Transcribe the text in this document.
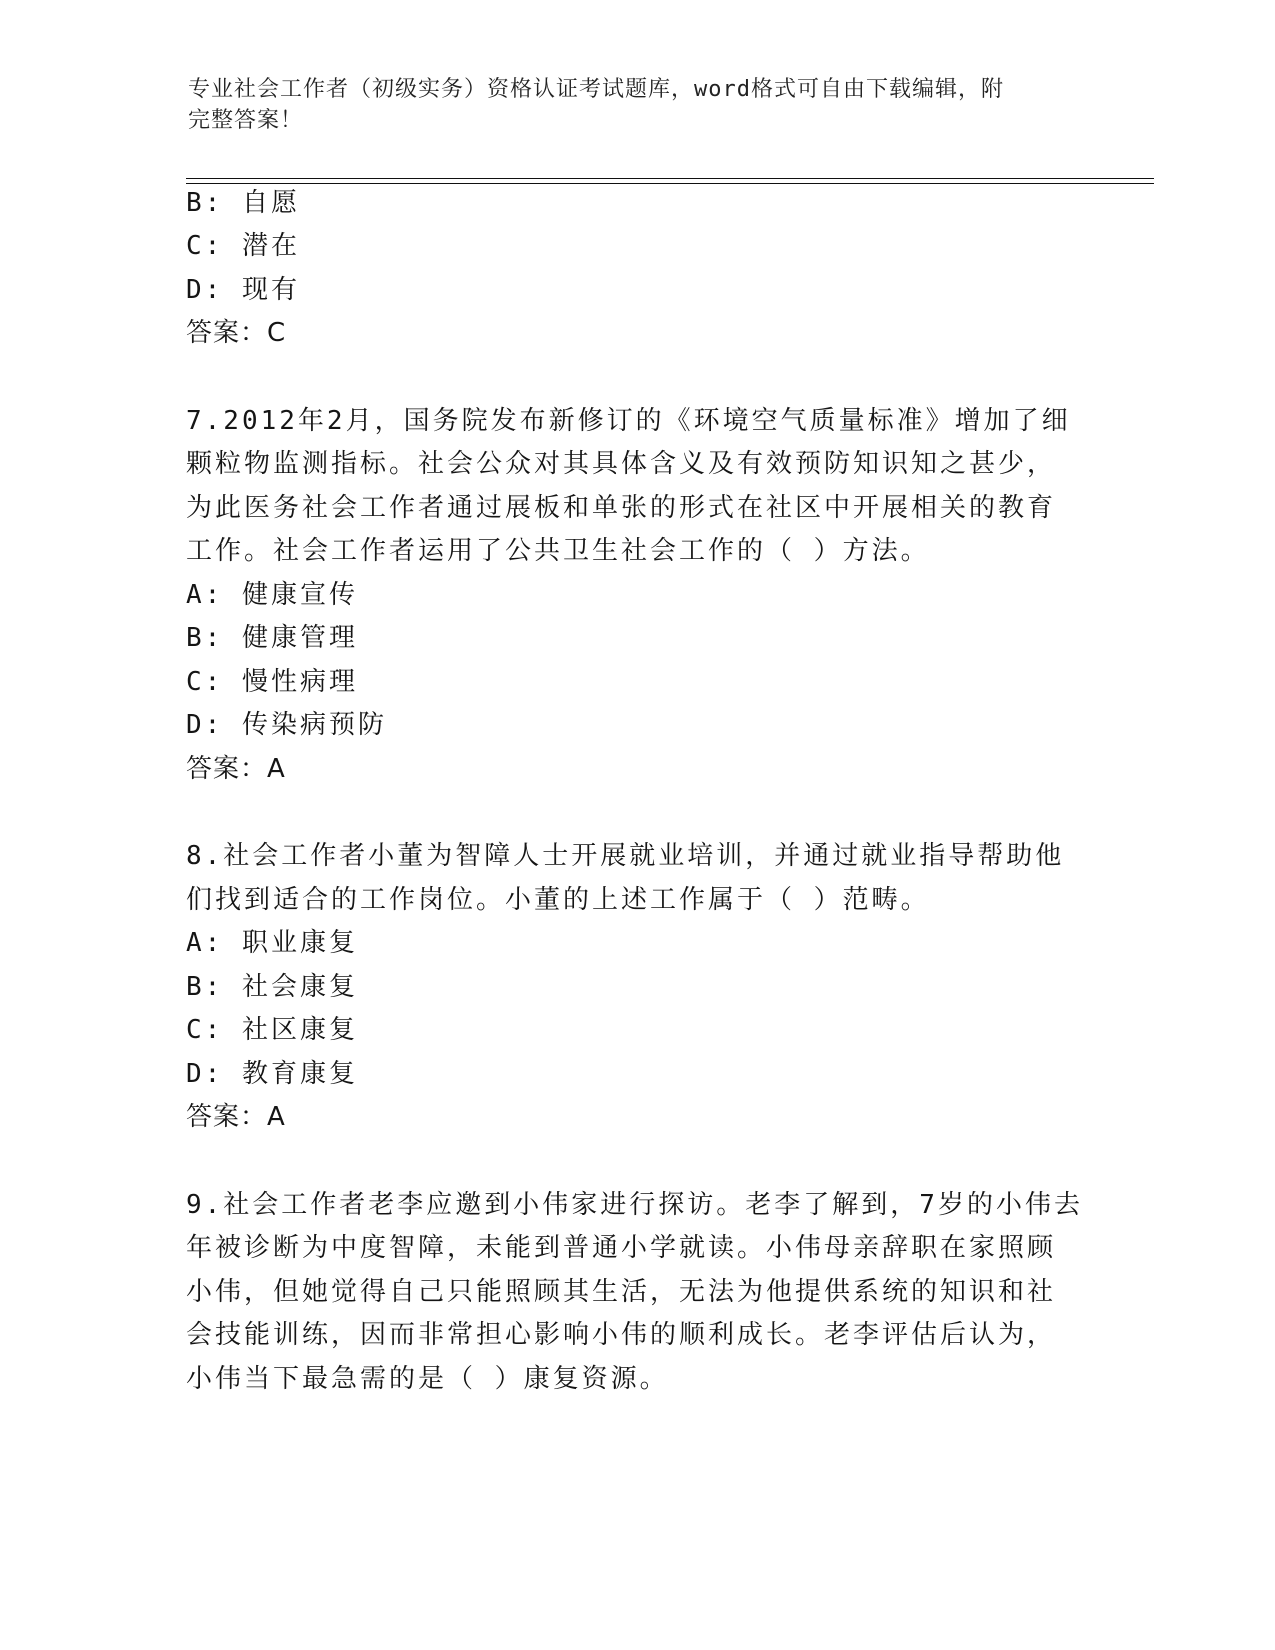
专业社会工作者（初级实务）资格认证考试题库，word格式可自由下载编辑，附
完整答案！
B: 自愿
C: 潜在
D: 现有
答案：C
7.2012年2月，国务院发布新修订的《环境空气质量标准》增加了细
颗粒物监测指标。社会公众对其具体含义及有效预防知识知之甚少，
为此医务社会工作者通过展板和单张的形式在社区中开展相关的教育
工作。社会工作者运用了公共卫生社会工作的（ ）方法。
A: 健康宣传
B: 健康管理
C: 慢性病理
D: 传染病预防
答案：A
8.社会工作者小董为智障人士开展就业培训，并通过就业指导帮助他
们找到适合的工作岗位。小董的上述工作属于（ ）范畴。
A: 职业康复
B: 社会康复
C: 社区康复
D: 教育康复
答案：A
9.社会工作者老李应邀到小伟家进行探访。老李了解到，7岁的小伟去
年被诊断为中度智障，未能到普通小学就读。小伟母亲辞职在家照顾
小伟，但她觉得自己只能照顾其生活，无法为他提供系统的知识和社
会技能训练，因而非常担心影响小伟的顺利成长。老李评估后认为，
小伟当下最急需的是（ ）康复资源。
